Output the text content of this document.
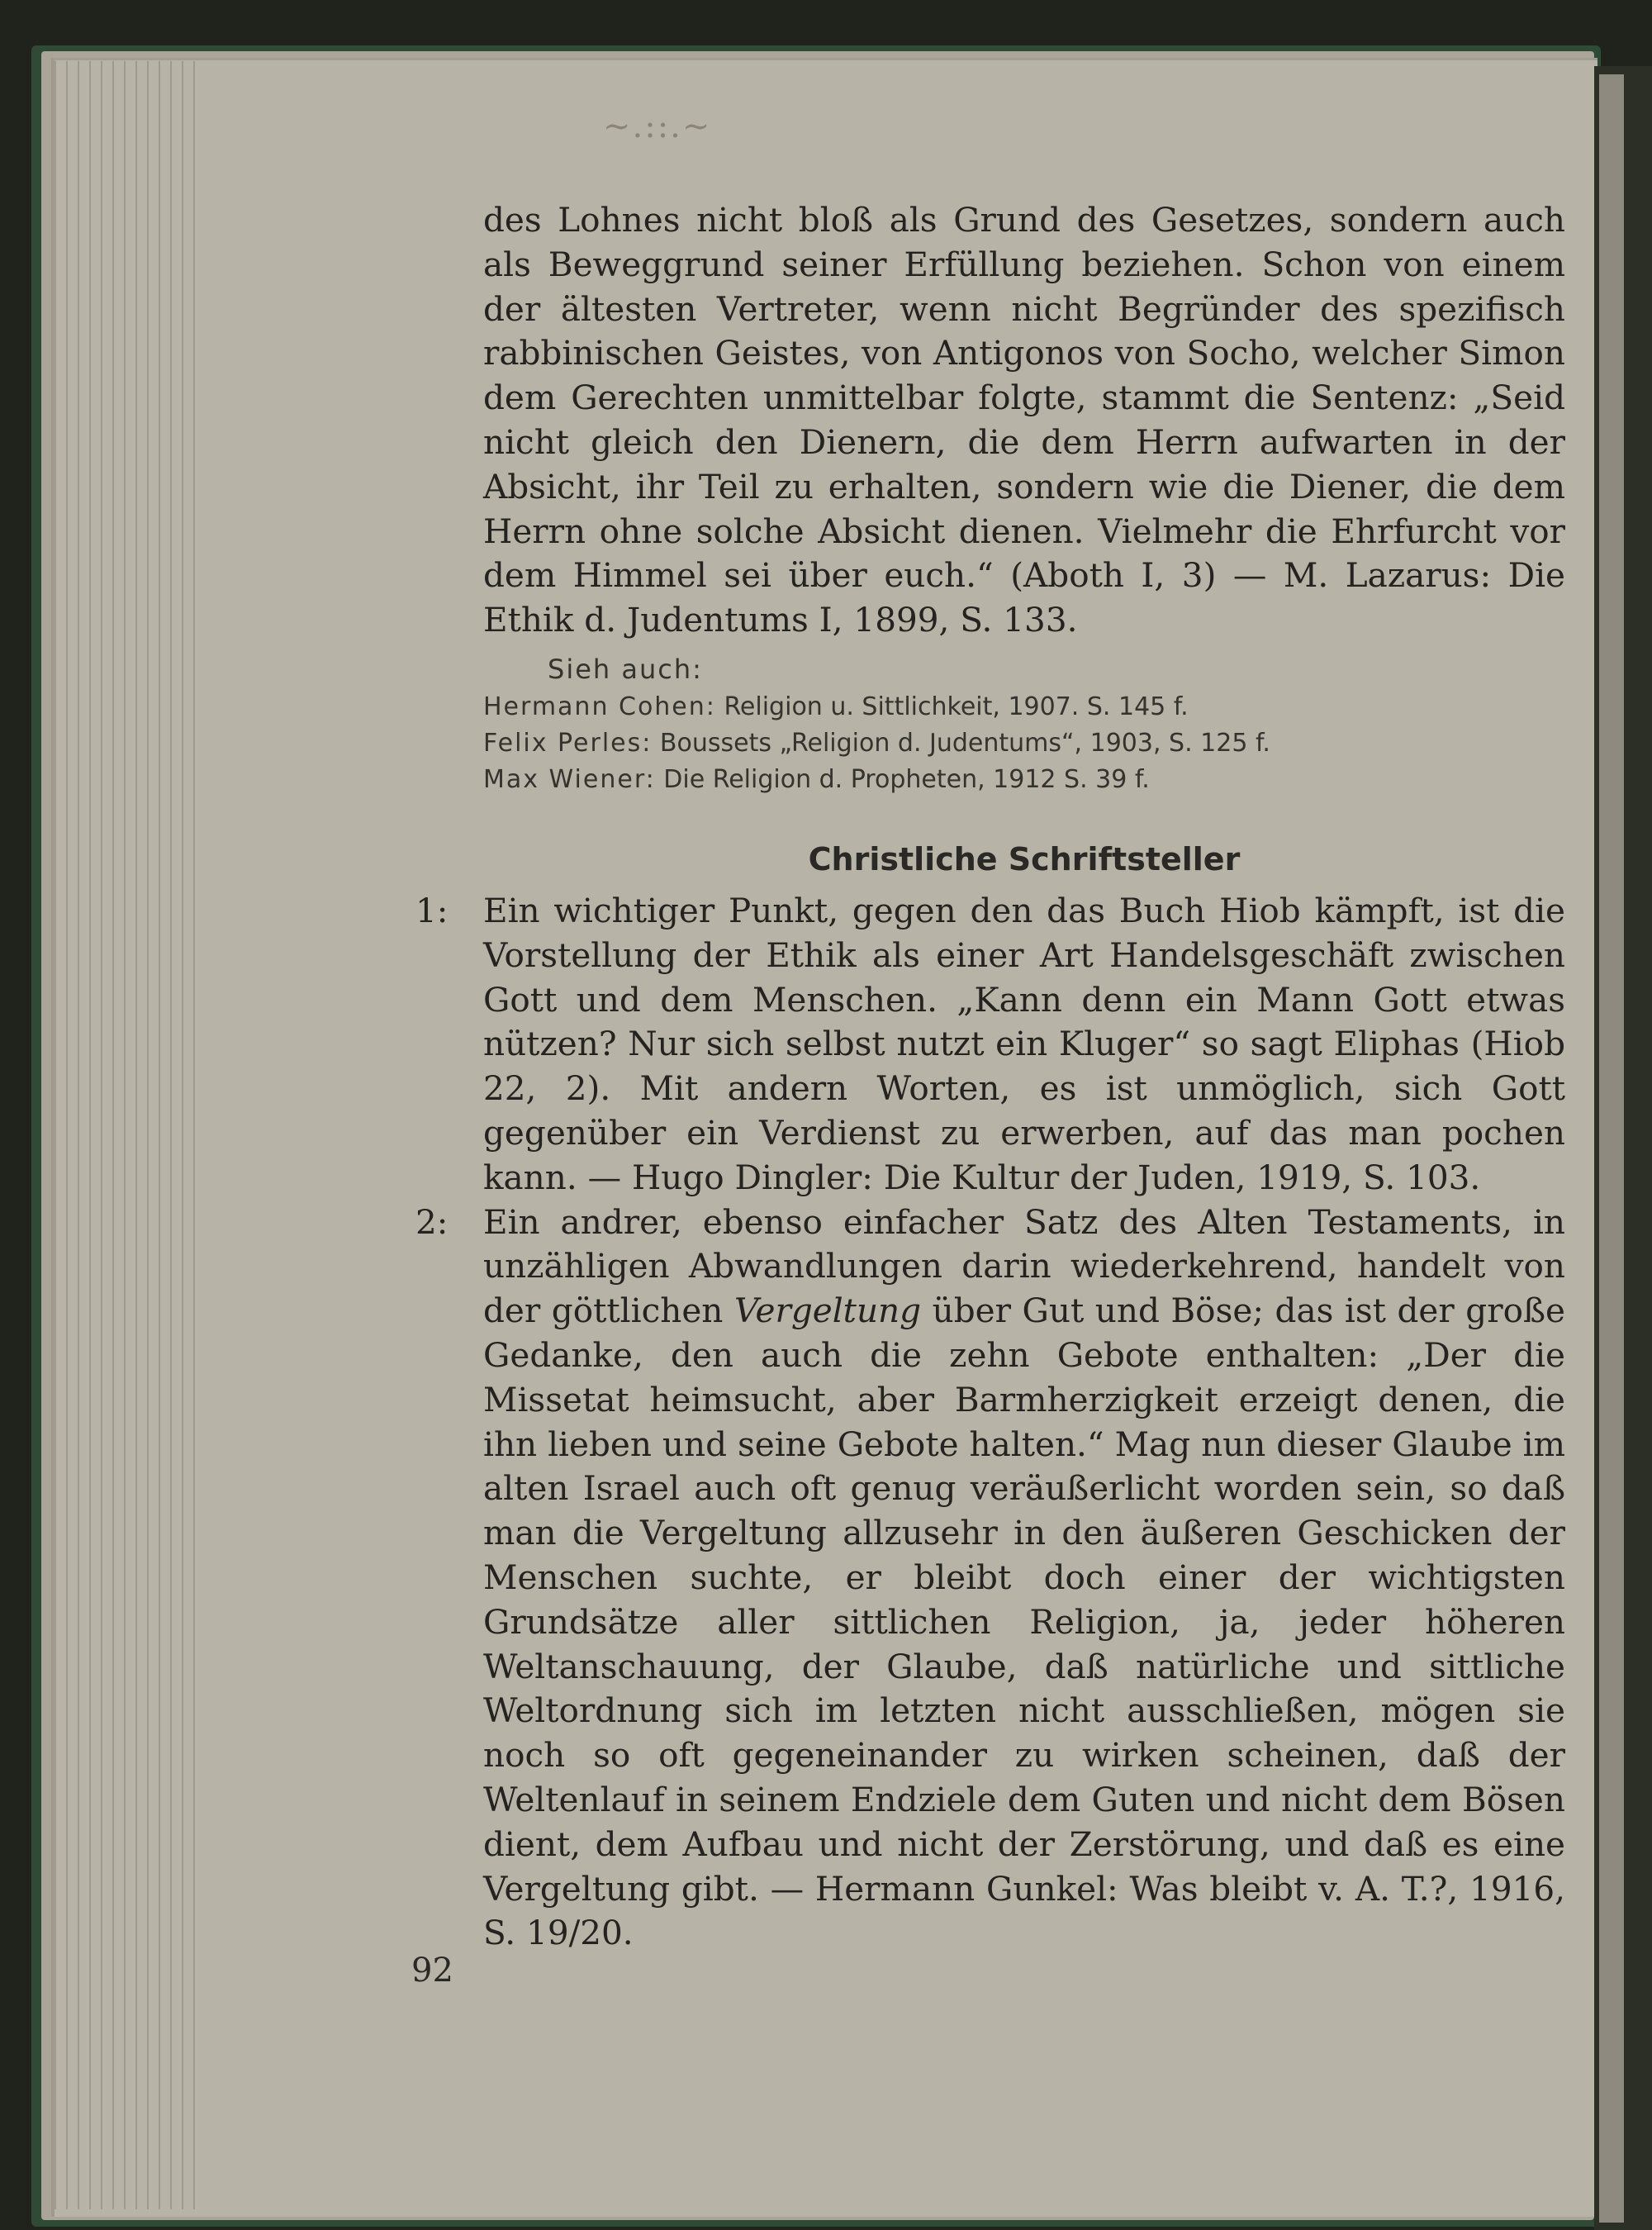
~.::.~

des Lohnes nicht bloß als Grund des Gesetzes, sondern auch als Beweggrund seiner Erfüllung beziehen. Schon von einem der ältesten Vertreter, wenn nicht Begründer des spezifisch rabbinischen Geistes, von Antigonos von Socho, welcher Simon dem Gerechten unmittelbar folgte, stammt die Sentenz: „Seid nicht gleich den Dienern, die dem Herrn aufwarten in der Absicht, ihr Teil zu erhalten, sondern wie die Diener, die dem Herrn ohne solche Absicht dienen. Vielmehr die Ehrfurcht vor dem Himmel sei über euch.“ (Aboth I, 3) — M. Lazarus: Die Ethik d. Judentums I, 1899, S. 133.

Sieh auch:

Hermann Cohen: Religion u. Sittlichkeit, 1907. S. 145 f.

Felix Perles: Boussets „Religion d. Judentums“, 1903, S. 125 f.

Max Wiener: Die Religion d. Propheten, 1912 S. 39 f.

Christliche Schriftsteller
1: Ein wichtiger Punkt, gegen den das Buch Hiob kämpft, ist die Vorstellung der Ethik als einer Art Handelsgeschäft zwischen Gott und dem Menschen. „Kann denn ein Mann Gott etwas nützen? Nur sich selbst nutzt ein Kluger“ so sagt Eliphas (Hiob 22, 2). Mit andern Worten, es ist unmöglich, sich Gott gegenüber ein Verdienst zu erwerben, auf das man pochen kann. — Hugo Dingler: Die Kultur der Juden, 1919, S. 103.

2: Ein andrer, ebenso einfacher Satz des Alten Testaments, in unzähligen Abwandlungen darin wiederkehrend, handelt von der göttlichen Vergeltung über Gut und Böse; das ist der große Gedanke, den auch die zehn Gebote enthalten: „Der die Missetat heimsucht, aber Barmherzigkeit erzeigt denen, die ihn lieben und seine Gebote halten.“ Mag nun dieser Glaube im alten Israel auch oft genug veräußerlicht worden sein, so daß man die Vergeltung allzusehr in den äußeren Geschicken der Menschen suchte, er bleibt doch einer der wichtigsten Grundsätze aller sittlichen Religion, ja, jeder höheren Weltanschauung, der Glaube, daß natürliche und sittliche Weltordnung sich im letzten nicht ausschließen, mögen sie noch so oft gegeneinander zu wirken scheinen, daß der Weltenlauf in seinem Endziele dem Guten und nicht dem Bösen dient, dem Aufbau und nicht der Zerstörung, und daß es eine Vergeltung gibt. — Hermann Gunkel: Was bleibt v. A. T.?, 1916, S. 19/20.

92
